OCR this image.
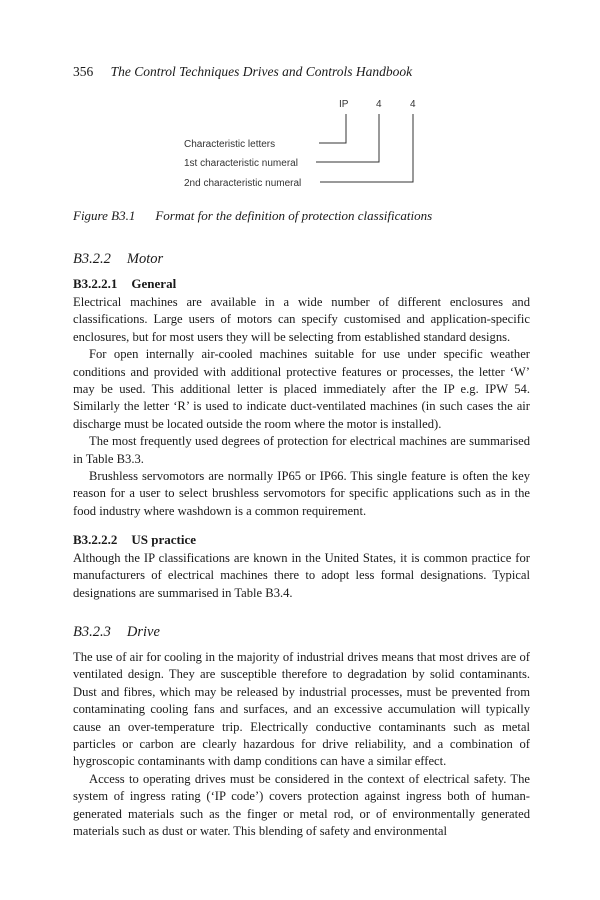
356 The Control Techniques Drives and Controls Handbook
IP	4	4
Characteristic letters
1st characteristic numeral
2nd characteristic numeral
Figure B3.1 Format for the definition of protection classifications
B3.2.2 Motor
B3.2.2.1 General

Electrical machines are available in a wide number of different enclosures and classifications. Large users of motors can specify customised and application-specific enclosures, but for most users they will be selecting from established standard designs.

For open internally air-cooled machines suitable for use under specific weather conditions and provided with additional protective features or processes, the letter ‘W’ may be used. This additional letter is placed immediately after the IP e.g. IPW 54. Similarly the letter ‘R’ is used to indicate duct-ventilated machines (in such cases the air discharge must be located outside the room where the motor is installed).

The most frequently used degrees of protection for electrical machines are summarised in Table B3.3.

Brushless servomotors are normally IP65 or IP66. This single feature is often the key reason for a user to select brushless servomotors for specific applications such as in the food industry where washdown is a common requirement.

B3.2.2.2 US practice

Although the IP classifications are known in the United States, it is common practice for manufacturers of electrical machines there to adopt less formal designations. Typical designations are summarised in Table B3.4.

B3.2.3 Drive

The use of air for cooling in the majority of industrial drives means that most drives are of ventilated design. They are susceptible therefore to degradation by solid contaminants. Dust and fibres, which may be released by industrial processes, must be prevented from contaminating cooling fans and surfaces, and an excessive accumulation will typically cause an over-temperature trip. Electrically conductive contaminants such as metal particles or carbon are clearly hazardous for drive reliability, and a combination of hygroscopic contaminants with damp conditions can have a similar effect.

Access to operating drives must be considered in the context of electrical safety. The system of ingress rating (‘IP code’) covers protection against ingress both of human-generated materials such as the finger or metal rod, or of environmentally generated materials such as dust or water. This blending of safety and environmental
